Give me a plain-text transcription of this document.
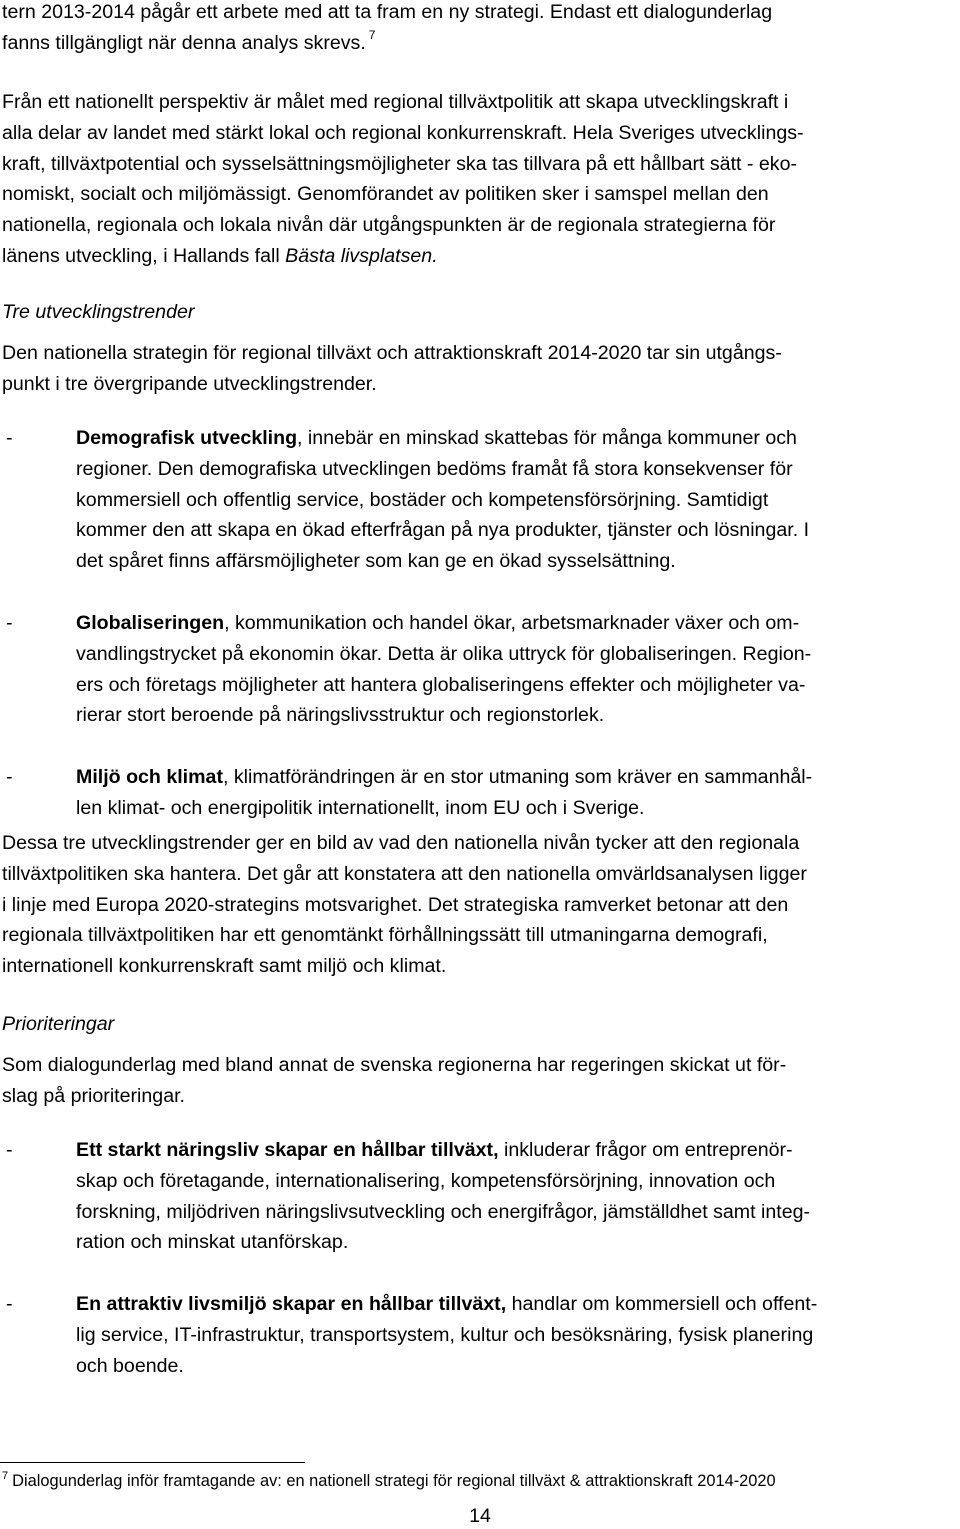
tern 2013-2014 pågår ett arbete med att ta fram en ny strategi. Endast ett dialogunderlag
fanns tillgängligt när denna analys skrevs. $^7$

Från ett nationellt perspektiv är målet med regional tillväxtpolitik att skapa utvecklingskraft i
alla delar av landet med stärkt lokal och regional konkurrenskraft. Hela Sveriges utvecklings-
kraft, tillväxtpotential och sysselsättningsmöjligheter ska tas tillvara på ett hållbart sätt - eko-
nomiskt, socialt och miljömässigt. Genomförandet av politiken sker i samspel mellan den
nationella, regionala och lokala nivån där utgångspunkten är de regionala strategierna för
länens utveckling, i Hallands fall Bästa livsplatsen.

Tre utvecklingstrender

Den nationella strategin för regional tillväxt och attraktionskraft 2014-2020 tar sin utgångs-
punkt i tre övergripande utvecklingstrender.

-	Demografisk utveckling, innebär en minskad skattebas för många kommuner och
regioner. Den demografiska utvecklingen bedöms framåt få stora konsekvenser för
kommersiell och offentlig service, bostäder och kompetensförsörjning. Samtidigt
kommer den att skapa en ökad efterfrågan på nya produkter, tjänster och lösningar. I
det spåret finns affärsmöjligheter som kan ge en ökad sysselsättning.
-	Globaliseringen, kommunikation och handel ökar, arbetsmarknader växer och om-
vandlingstrycket på ekonomin ökar. Detta är olika uttryck för globaliseringen. Region-
ers och företags möjligheter att hantera globaliseringens effekter och möjligheter va-
rierar stort beroende på näringslivsstruktur och regionstorlek.
-	Miljö och klimat, klimatförändringen är en stor utmaning som kräver en sammanhål-
len klimat- och energipolitik internationellt, inom EU och i Sverige.

Dessa tre utvecklingstrender ger en bild av vad den nationella nivån tycker att den regionala
tillväxtpolitiken ska hantera. Det går att konstatera att den nationella omvärldsanalysen ligger
i linje med Europa 2020-strategins motsvarighet. Det strategiska ramverket betonar att den
regionala tillväxtpolitiken har ett genomtänkt förhållningssätt till utmaningarna demografi,
internationell konkurrenskraft samt miljö och klimat.

Prioriteringar

Som dialogunderlag med bland annat de svenska regionerna har regeringen skickat ut för-
slag på prioriteringar.

-	Ett starkt näringsliv skapar en hållbar tillväxt, inkluderar frågor om entreprenör-
skap och företagande, internationalisering, kompetensförsörjning, innovation och
forskning, miljödriven näringslivsutveckling och energifrågor, jämställdhet samt integ-
ration och minskat utanförskap.
-	En attraktiv livsmiljö skapar en hållbar tillväxt, handlar om kommersiell och offent-
lig service, IT-infrastruktur, transportsystem, kultur och besöksnäring, fysisk planering
och boende.
$^7$ Dialogunderlag inför framtagande av: en nationell strategi för regional tillväxt & attraktionskraft 2014-2020
14
